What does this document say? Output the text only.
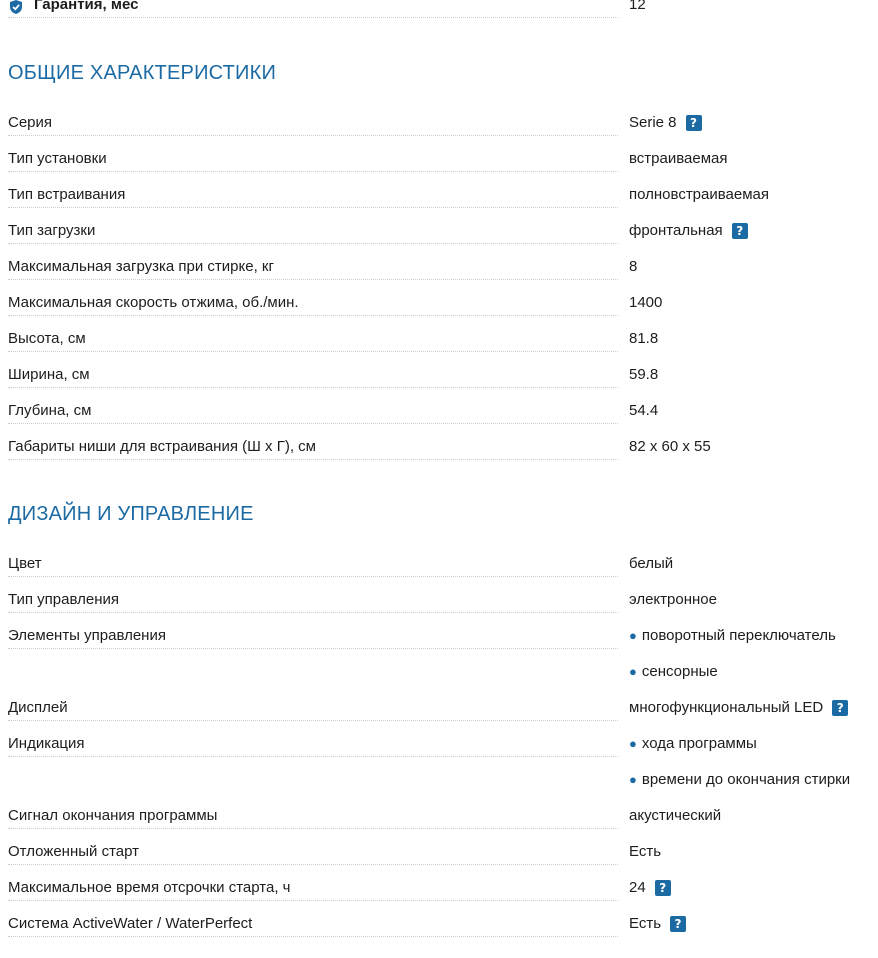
Гарантия, мес	12
ОБЩИЕ ХАРАКТЕРИСТИКИ
Серия	Serie 8 ?
Тип установки	встраиваемая
Тип встраивания	полновстраиваемая
Тип загрузки	фронтальная ?
Максимальная загрузка при стирке, кг	8
Максимальная скорость отжима, об./мин.	1400
Высота, см	81.8
Ширина, см	59.8
Глубина, см	54.4
Габариты ниши для встраивания (Ш х Г), см	82 х 60 х 55
ДИЗАЙН И УПРАВЛЕНИЕ
Цвет	белый
Тип управления	электронное
Элементы управления	● поворотный переключатель
● сенсорные
Дисплей	многофункциональный LED ?
Индикация	● хода программы
● времени до окончания стирки
Сигнал окончания программы	акустический
Отложенный старт	Есть
Максимальное время отсрочки старта, ч	24 ?
Система ActiveWater / WaterPerfect	Есть ?
